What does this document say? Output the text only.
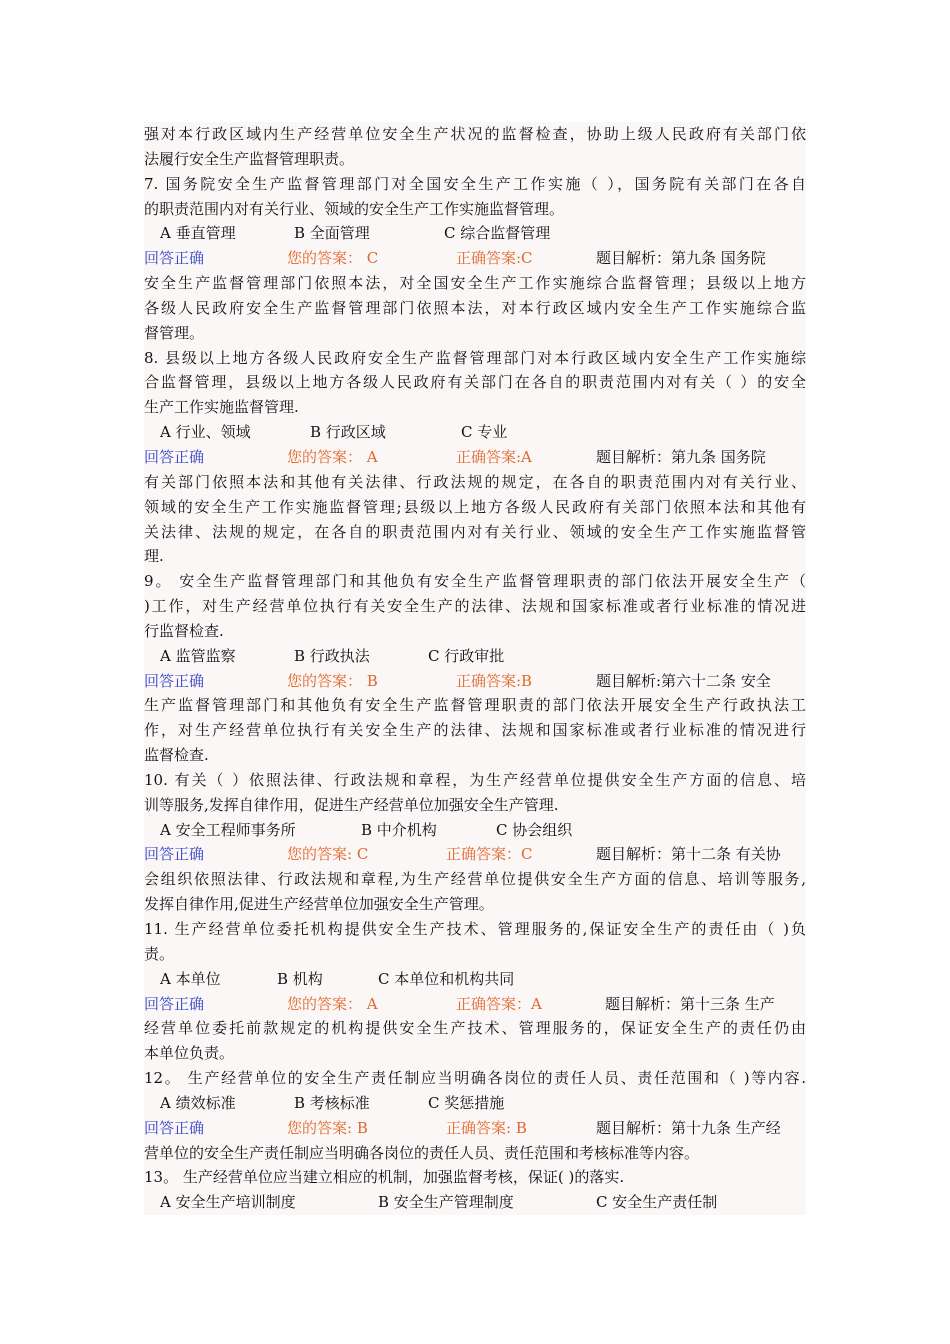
强对本行政区域内生产经营单位安全生产状况的监督检查，协助上级人民政府有关部门依
法履行安全生产监督管理职责。
7. 国务院安全生产监督管理部门对全国安全生产工作实施（ ），国务院有关部门在各自
的职责范围内对有关行业、领域的安全生产工作实施监督管理。
A 垂直管理	B 全面管理	C 综合监督管理
回答正确	您的答案： C	正确答案:C	题目解析：第九条 国务院
安全生产监督管理部门依照本法，对全国安全生产工作实施综合监督管理；县级以上地方
各级人民政府安全生产监督管理部门依照本法，对本行政区域内安全生产工作实施综合监
督管理。
8. 县级以上地方各级人民政府安全生产监督管理部门对本行政区域内安全生产工作实施综
合监督管理，县级以上地方各级人民政府有关部门在各自的职责范围内对有关（ ）的安全
生产工作实施监督管理.
A 行业、领域	B 行政区域	C 专业
回答正确	您的答案： A	正确答案:A	题目解析：第九条 国务院
有关部门依照本法和其他有关法律、行政法规的规定，在各自的职责范围内对有关行业、
领域的安全生产工作实施监督管理;县级以上地方各级人民政府有关部门依照本法和其他有
关法律、法规的规定，在各自的职责范围内对有关行业、领域的安全生产工作实施监督管
理.
9。 安全生产监督管理部门和其他负有安全生产监督管理职责的部门依法开展安全生产（
)工作，对生产经营单位执行有关安全生产的法律、法规和国家标准或者行业标准的情况进
行监督检查.
A 监管监察	B 行政执法	C 行政审批
回答正确	您的答案： B	正确答案:B	题目解析:第六十二条 安全
生产监督管理部门和其他负有安全生产监督管理职责的部门依法开展安全生产行政执法工
作，对生产经营单位执行有关安全生产的法律、法规和国家标准或者行业标准的情况进行
监督检查.
10. 有关（ ）依照法律、行政法规和章程，为生产经营单位提供安全生产方面的信息、培
训等服务,发挥自律作用，促进生产经营单位加强安全生产管理.
A 安全工程师事务所	B 中介机构	C 协会组织
回答正确	您的答案: C	正确答案：C	题目解析：第十二条 有关协
会组织依照法律、行政法规和章程,为生产经营单位提供安全生产方面的信息、培训等服务,
发挥自律作用,促进生产经营单位加强安全生产管理。
11. 生产经营单位委托机构提供安全生产技术、管理服务的,保证安全生产的责任由（ )负
责。
A 本单位	B 机构	C 本单位和机构共同
回答正确	您的答案： A	正确答案：A	题目解析：第十三条 生产
经营单位委托前款规定的机构提供安全生产技术、管理服务的，保证安全生产的责任仍由
本单位负责。
12。 生产经营单位的安全生产责任制应当明确各岗位的责任人员、责任范围和（ )等内容.
A 绩效标准	B 考核标准	C 奖惩措施
回答正确	您的答案: B	正确答案: B	题目解析：第十九条 生产经
营单位的安全生产责任制应当明确各岗位的责任人员、责任范围和考核标准等内容。
13。 生产经营单位应当建立相应的机制，加强监督考核，保证( )的落实.
A 安全生产培训制度	B 安全生产管理制度	C 安全生产责任制
